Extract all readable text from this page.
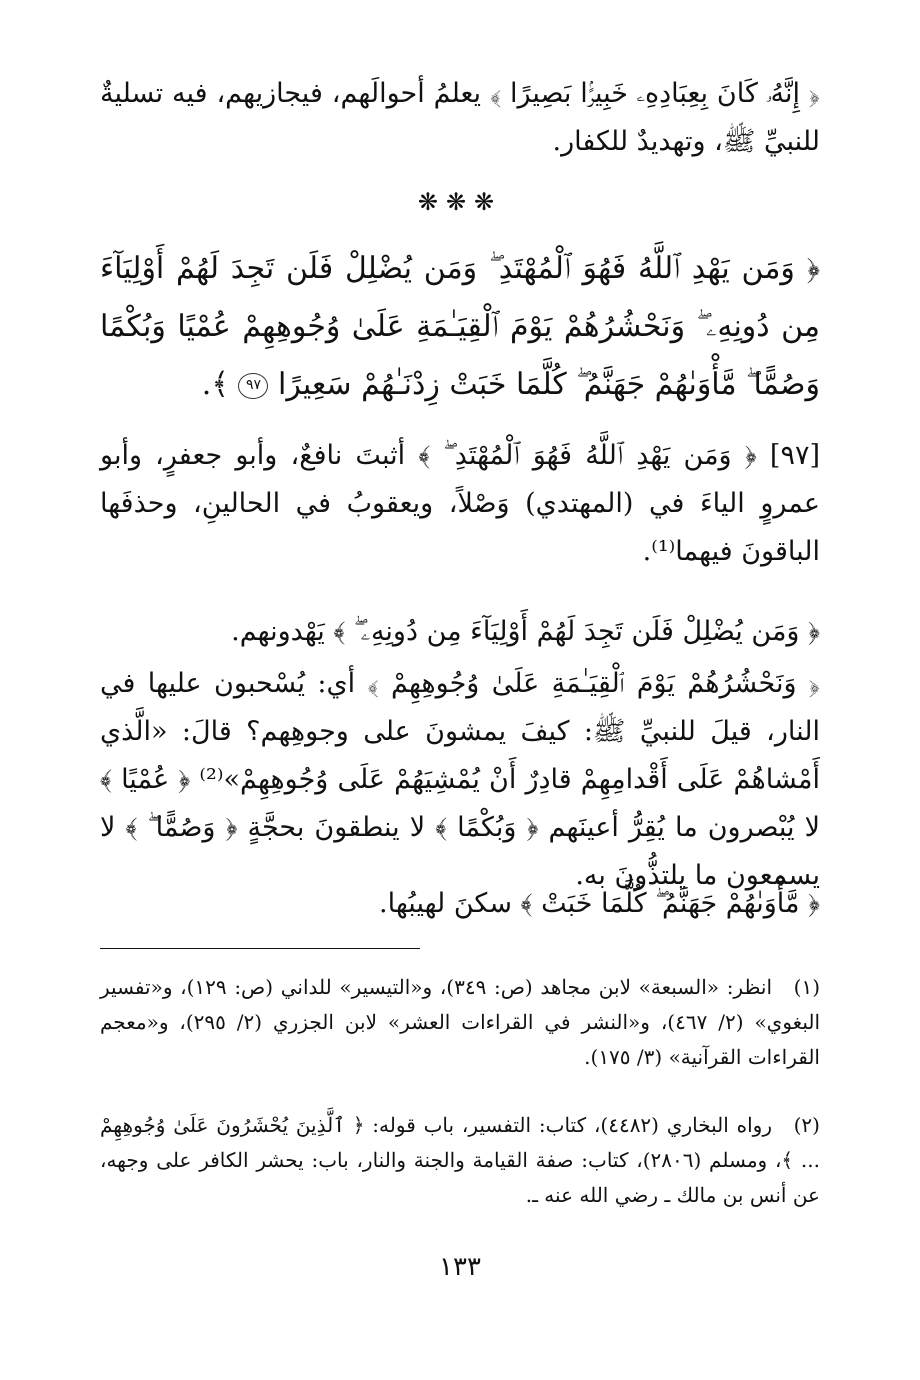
﴿ إِنَّهُۥ كَانَ بِعِبَادِهِۦ خَبِيرًۢا بَصِيرًا ﴾ يعلمُ أحوالَهم، فيجازيهم، فيه تسليةٌ للنبيِّ ﷺ، وتهديدٌ للكفار.

❋❋❋

﴿ وَمَن يَهْدِ ٱللَّهُ فَهُوَ ٱلْمُهْتَدِ ۖ وَمَن يُضْلِلْ فَلَن تَجِدَ لَهُمْ أَوْلِيَآءَ مِن دُونِهِۦ ۖ وَنَحْشُرُهُمْ يَوْمَ ٱلْقِيَـٰمَةِ عَلَىٰ وُجُوهِهِمْ عُمْيًا وَبُكْمًا وَصُمًّا ۖ مَّأْوَىٰهُمْ جَهَنَّمُ ۖ كُلَّمَا خَبَتْ زِدْنَـٰهُمْ سَعِيرًا ٩٧ ﴾.

[٩٧] ﴿ وَمَن يَهْدِ ٱللَّهُ فَهُوَ ٱلْمُهْتَدِ ۖ ﴾ أثبتَ نافعٌ، وأبو جعفرٍ، وأبو عمروٍ الياءَ في (المهتدي) وَصْلاً، ويعقوبُ في الحالينِ، وحذفَها الباقونَ فيهما⁽¹⁾.

﴿ وَمَن يُضْلِلْ فَلَن تَجِدَ لَهُمْ أَوْلِيَآءَ مِن دُونِهِۦ ۖ ﴾ يَهْدونهم.

﴿ وَنَحْشُرُهُمْ يَوْمَ ٱلْقِيَـٰمَةِ عَلَىٰ وُجُوهِهِمْ ﴾ أي: يُسْحبون عليها في النار، قيلَ للنبيِّ ﷺ: كيفَ يمشونَ على وجوهِهم؟ قالَ: «الَّذي أَمْشاهُمْ عَلَى أَقْدامِهِمْ قادِرٌ أَنْ يُمْشِيَهُمْ عَلَى وُجُوهِهِمْ»⁽²⁾ ﴿ عُمْيًا ﴾ لا يُبْصرون ما يُقِرُّ أعينَهم ﴿ وَبُكْمًا ﴾ لا ينطقونَ بحجَّةٍ ﴿ وَصُمًّا ۖ ﴾ لا يسمعون ما يلتذُّونَ به.

﴿ مَّأْوَىٰهُمْ جَهَنَّمُ ۖ كُلَّمَا خَبَتْ ﴾ سكنَ لهيبُها.

(١)انظر: «السبعة» لابن مجاهد (ص: ٣٤٩)، و«التيسير» للداني (ص: ١٢٩)، و«تفسير البغوي» (٢/ ٤٦٧)، و«النشر في القراءات العشر» لابن الجزري (٢/ ٢٩٥)، و«معجم القراءات القرآنية» (٣/ ١٧٥).

(٢)رواه البخاري (٤٤٨٢)، كتاب: التفسير، باب قوله: ﴿ ٱلَّذِينَ يُحْشَرُونَ عَلَىٰ وُجُوهِهِمْ ... ﴾، ومسلم (٢٨٠٦)، كتاب: صفة القيامة والجنة والنار، باب: يحشر الكافر على وجهه، عن أنس بن مالك ـ رضي الله عنه ـ.

١٣٣
